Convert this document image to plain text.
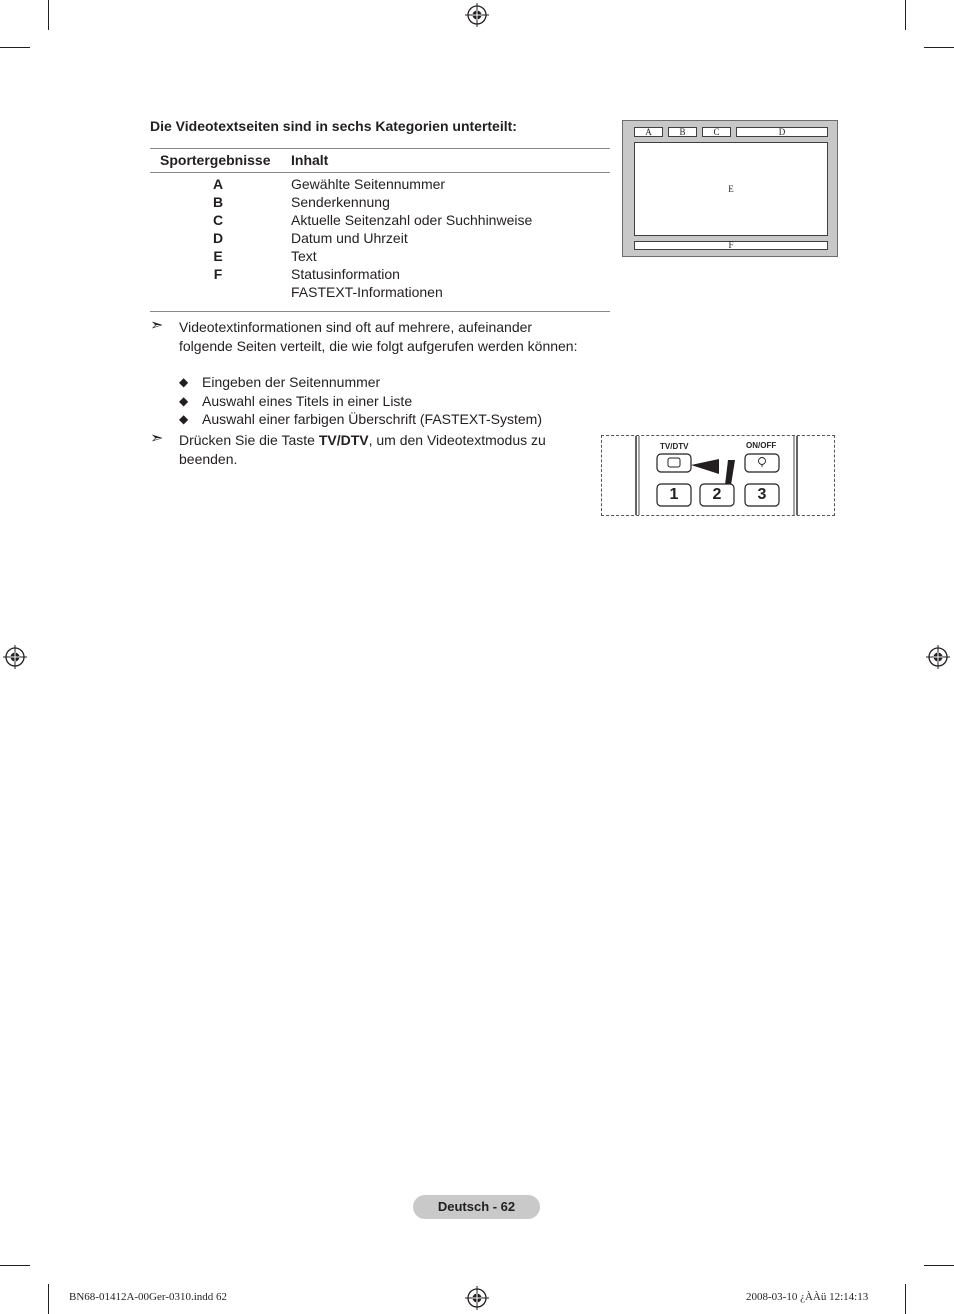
Die Videotextseiten sind in sechs Kategorien unterteilt:
Sportergebnisse Inhalt
A	Gewählte Seitennummer
B	Senderkennung
C	Aktuelle Seitenzahl oder Suchhinweise
D	Datum und Uhrzeit
E	Text
F	Statusinformation
FASTEXT-Informationen
➣ Videotextinformationen sind oft auf mehrere, aufeinander folgende Seiten verteilt, die wie folgt aufgerufen werden können:
◆ Eingeben der Seitennummer
◆ Auswahl eines Titels in einer Liste
◆ Auswahl einer farbigen Überschrift (FASTEXT-System)
➣ Drücken Sie die Taste TV/DTV, um den Videotextmodus zu beenden.
A	B	C	D
E
F
TV/DTV	ON/OFF
1	2	3
Deutsch - 62
BN68-01412A-00Ger-0310.indd 62	2008-03-10 ¿ÀÀü 12:14:13
